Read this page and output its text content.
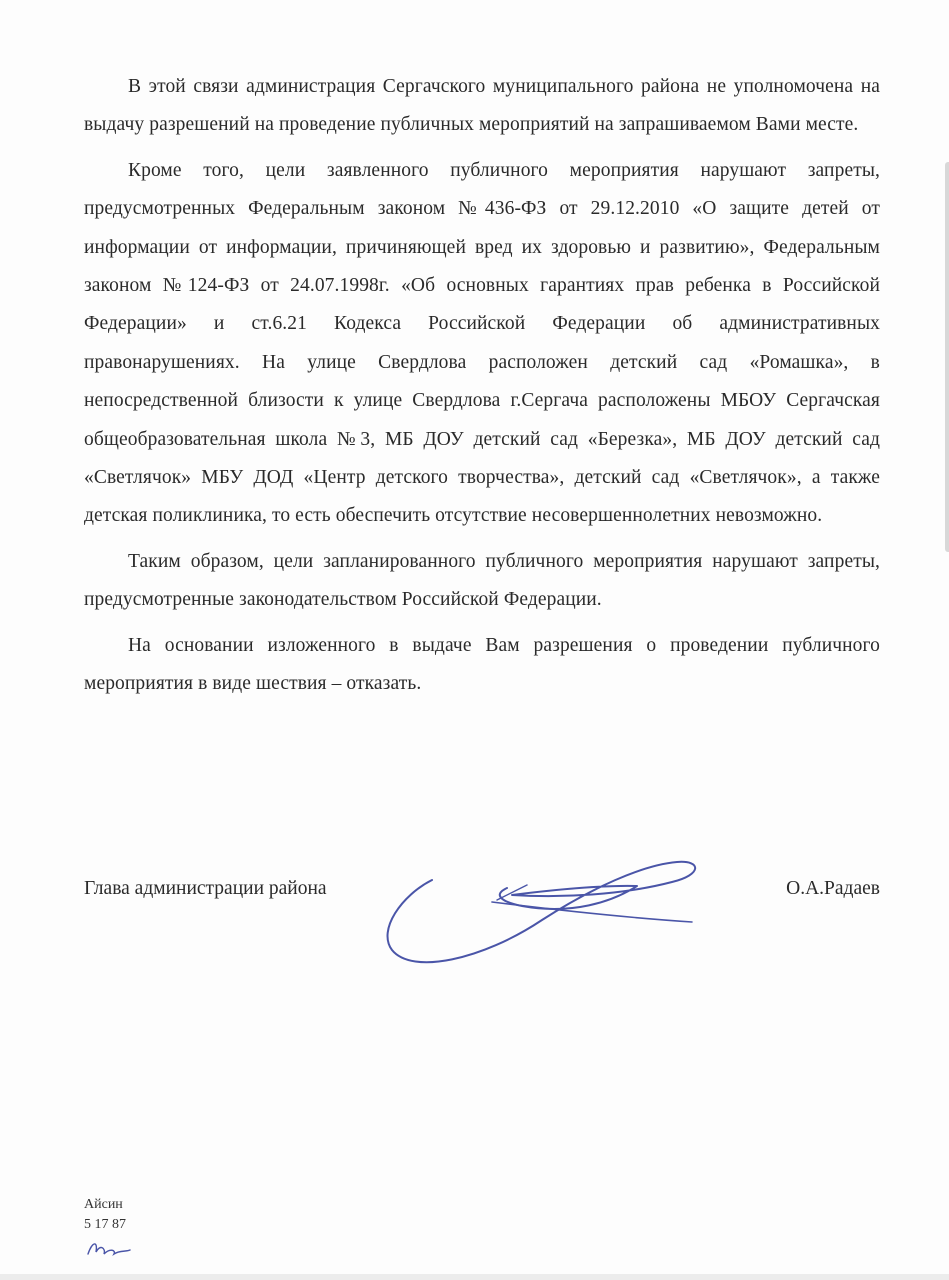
В этой связи администрация Сергачского муниципального района не уполномочена на выдачу разрешений на проведение публичных мероприятий на запрашиваемом Вами месте.

Кроме того, цели заявленного публичного мероприятия нарушают запреты, предусмотренных Федеральным законом №436-ФЗ от 29.12.2010 «О защите детей от информации от информации, причиняющей вред их здоровью и развитию», Федеральным законом №124-ФЗ от 24.07.1998г. «Об основных гарантиях прав ребенка в Российской Федерации» и ст.6.21 Кодекса Российской Федерации об административных правонарушениях. На улице Свердлова расположен детский сад «Ромашка», в непосредственной близости к улице Свердлова г.Сергача расположены МБОУ Сергачская общеобразовательная школа №3, МБ ДОУ детский сад «Березка», МБ ДОУ детский сад «Светлячок» МБУ ДОД «Центр детского творчества», детский сад «Светлячок», а также детская поликлиника, то есть обеспечить отсутствие несовершеннолетних невозможно.

Таким образом, цели запланированного публичного мероприятия нарушают запреты, предусмотренные законодательством Российской Федерации.

На основании изложенного в выдаче Вам разрешения о проведении публичного мероприятия в виде шествия – отказать.

Глава администрации района	О.А.Радаев
Айсин
5 17 87
